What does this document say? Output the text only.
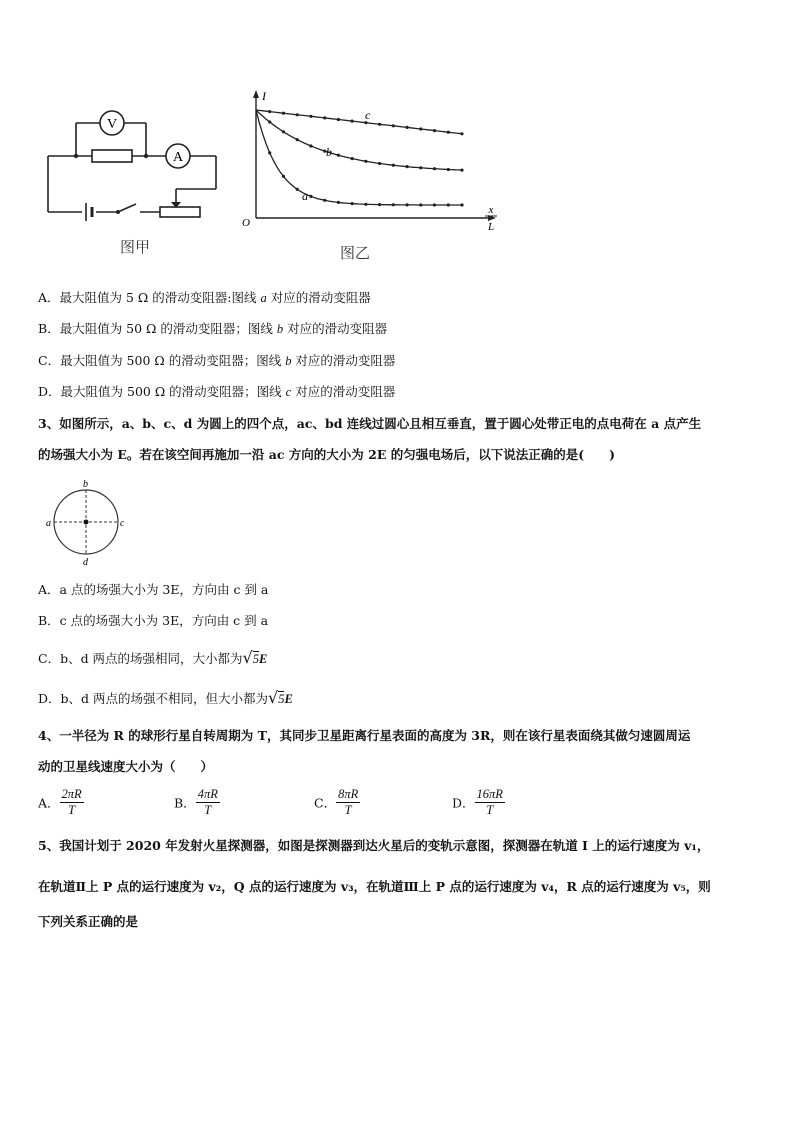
V
A
图甲
I
O
x
L
a
b
c
图乙
A．最大阻值为 5 Ω 的滑动变阻器:图线 a 对应的滑动变阻器
B．最大阻值为 50 Ω 的滑动变阻器；图线 b 对应的滑动变阻器
C．最大阻值为 500 Ω 的滑动变阻器；图线 b 对应的滑动变阻器
D．最大阻值为 500 Ω 的滑动变阻器；图线 c 对应的滑动变阻器
3、如图所示，a、b、c、d 为圆上的四个点，ac、bd 连线过圆心且相互垂直，置于圆心处带正电的点电荷在 a 点产生
的场强大小为 E。若在该空间再施加一沿 ac 方向的大小为 2E 的匀强电场后，以下说法正确的是(　　)
a
b
c
d
A．a 点的场强大小为 3E，方向由 c 到 a
B．c 点的场强大小为 3E，方向由 c 到 a
C．b、d 两点的场强相同，大小都为√5E
D．b、d 两点的场强不相同，但大小都为√5E
4、一半径为 R 的球形行星自转周期为 T，其同步卫星距离行星表面的高度为 3R，则在该行星表面绕其做匀速圆周运
动的卫星线速度大小为（　　）
A． $\frac{2\pi R}{T}$	B． $\frac{4\pi R}{T}$	C． $\frac{8\pi R}{T}$	D． $\frac{16\pi R}{T}$
5、我国计划于 2020 年发射火星探测器，如图是探测器到达火星后的变轨示意图，探测器在轨道 Ⅰ 上的运行速度为 v₁，
在轨道Ⅱ上 P 点的运行速度为 v₂，Q 点的运行速度为 v₃，在轨道Ⅲ上 P 点的运行速度为 v₄，R 点的运行速度为 v₅，则
下列关系正确的是
